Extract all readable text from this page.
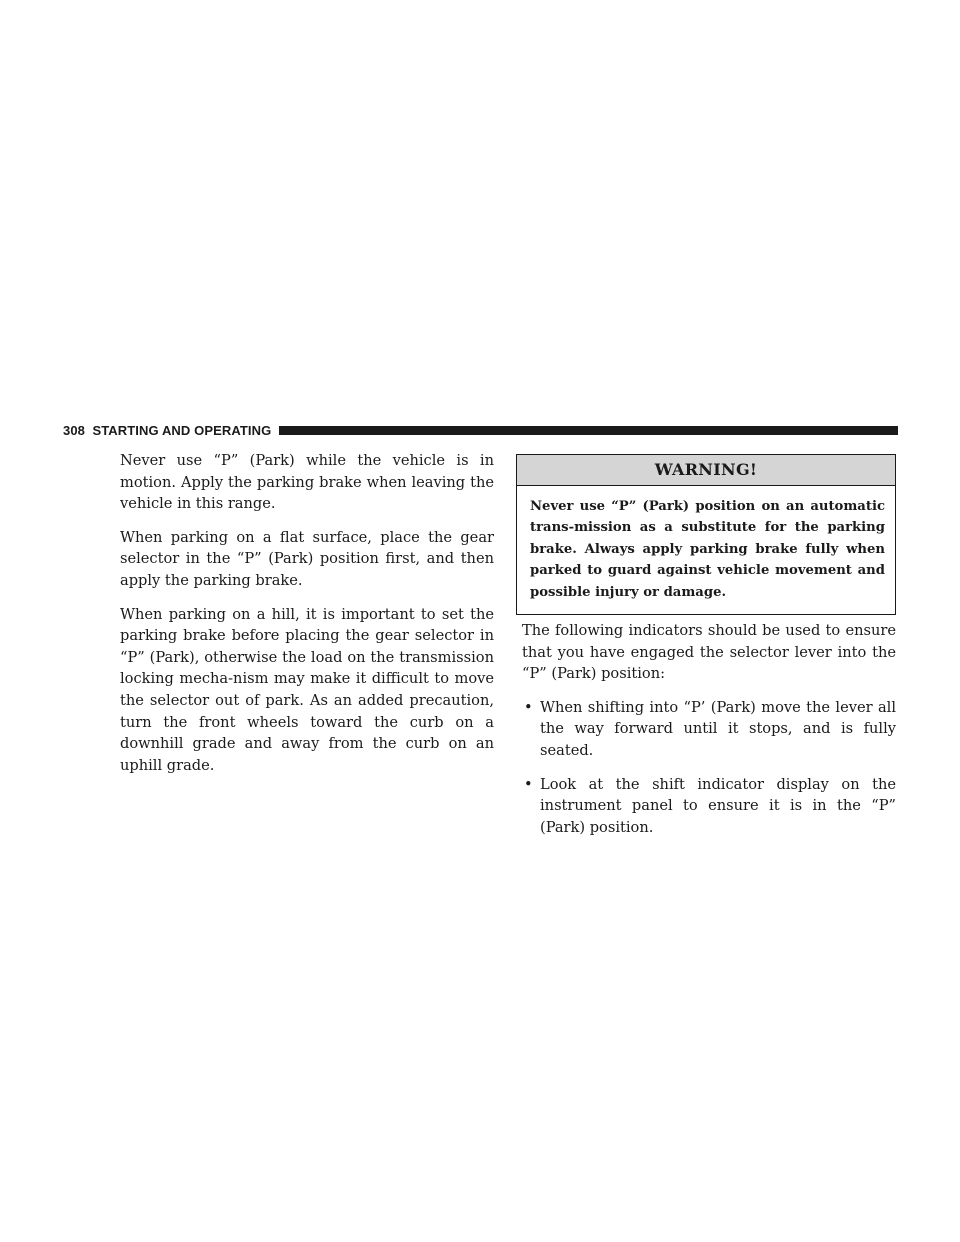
308 STARTING AND OPERATING

Never use “P” (Park) while the vehicle is in motion. Apply the parking brake when leaving the vehicle in this range.

When parking on a flat surface, place the gear selector in the “P” (Park) position first, and then apply the parking brake.

When parking on a hill, it is important to set the parking brake before placing the gear selector in “P” (Park), otherwise the load on the transmission locking mecha-nism may make it difficult to move the selector out of park. As an added precaution, turn the front wheels toward the curb on a downhill grade and away from the curb on an uphill grade.

WARNING!
Never use “P” (Park) position on an automatic trans-mission as a substitute for the parking brake. Always apply parking brake fully when parked to guard against vehicle movement and possible injury or damage.

The following indicators should be used to ensure that you have engaged the selector lever into the “P” (Park) position:

• When shifting into “P’ (Park) move the lever all the way forward until it stops, and is fully seated.
• Look at the shift indicator display on the instrument panel to ensure it is in the “P” (Park) position.
